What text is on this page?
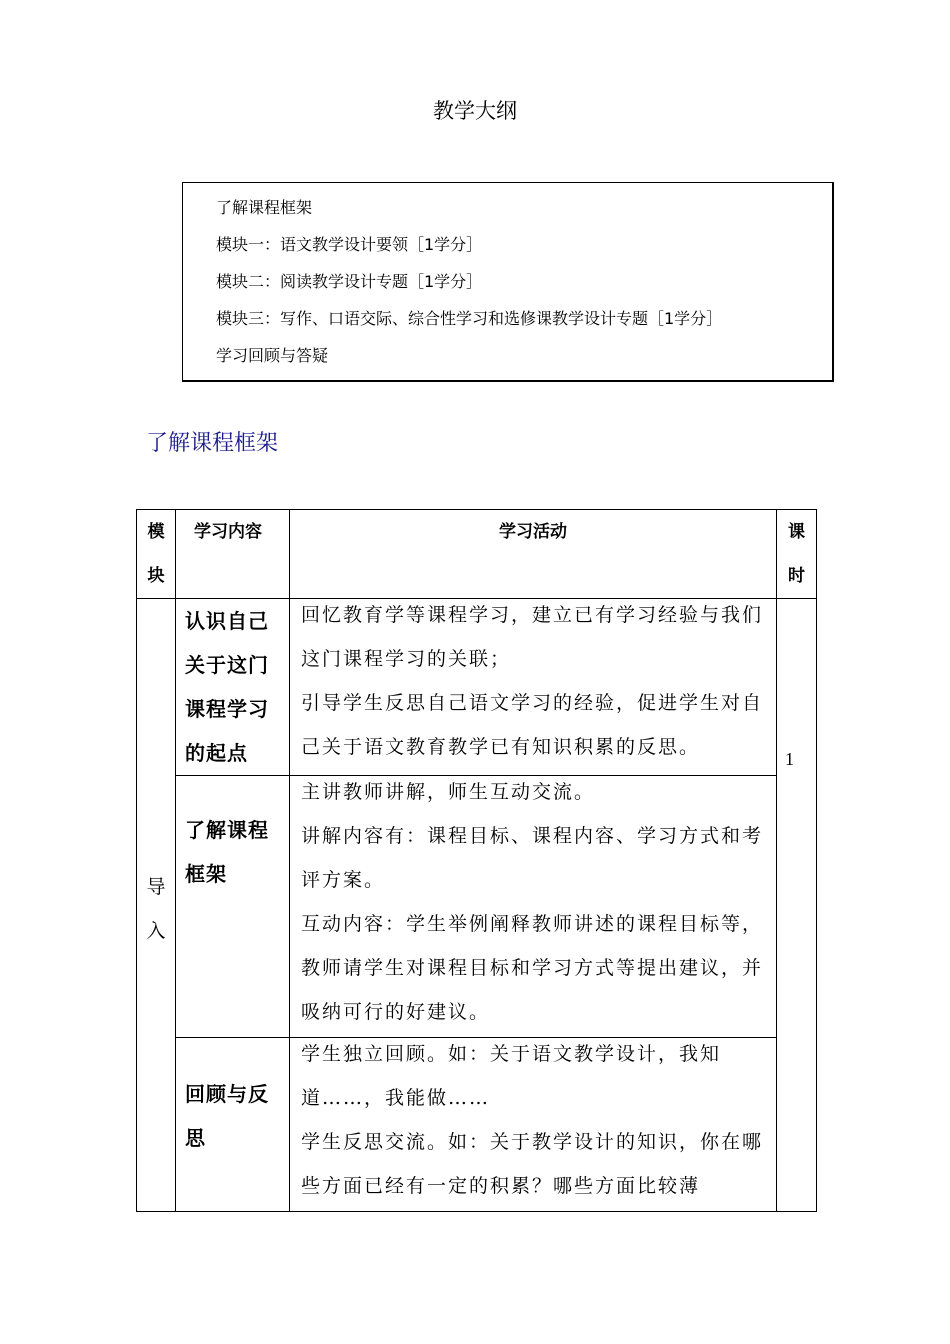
教学大纲
了解课程框架
模块一：语文教学设计要领［1学分］
模块二：阅读教学设计专题［1学分］
模块三：写作、口语交际、综合性学习和选修课教学设计专题［1学分］
学习回顾与答疑
了解课程框架
模块	学习内容	学习活动	课时

导入	认识自己关于这门课程学习的起点	回忆教育学等课程学习，建立已有学习经验与我们这门课程学习的关联；
引导学生反思自己语文学习的经验，促进学生对自己关于语文教育教学已有知识积累的反思。	1
	了解课程框架	主讲教师讲解，师生互动交流。
讲解内容有：课程目标、课程内容、学习方式和考评方案。
互动内容：学生举例阐释教师讲述的课程目标等，教师请学生对课程目标和学习方式等提出建议，并吸纳可行的好建议。	

	回顾与反思	学生独立回顾。如：关于语文教学设计，我知道……，我能做……
学生反思交流。如：关于教学设计的知识，你在哪些方面已经有一定的积累？哪些方面比较薄	
